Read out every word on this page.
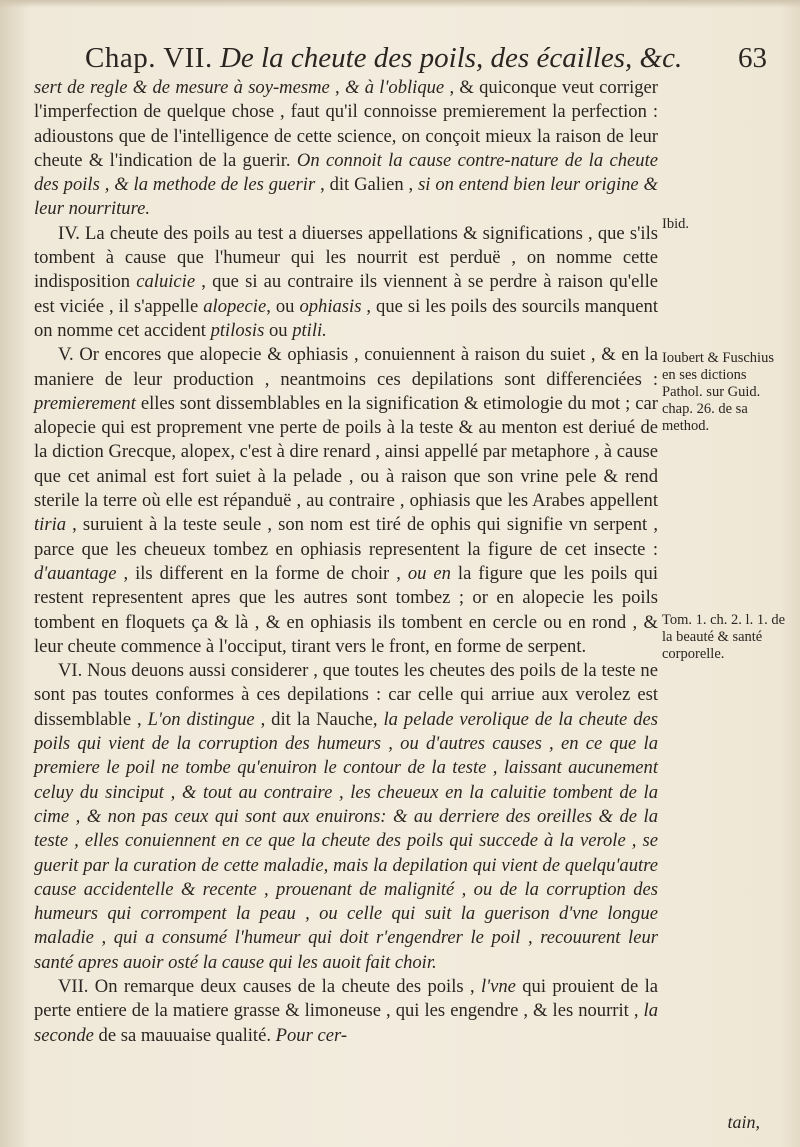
Chap. VII. De la cheute des poils, des écailles, &c. 63

sert de regle & de mesure à soy-mesme , & à l'oblique , & quiconque veut corriger l'imperfection de quelque chose , faut qu'il connoisse premierement la perfection : adioustons que de l'intelligence de cette science, on conçoit mieux la raison de leur cheute & l'indication de la guerir. On connoit la cause contre-nature de la cheute des poils , & la methode de les guerir , dit Galien , si on entend bien leur origine & leur nourriture.

IV. La cheute des poils au test a diuerses appellations & significations , que s'ils tombent à cause que l'humeur qui les nourrit est perduë , on nomme cette indisposition caluicie , que si au contraire ils viennent à se perdre à raison qu'elle est viciée , il s'appelle alopecie, ou ophiasis , que si les poils des sourcils manquent on nomme cet accident ptilosis ou ptili.

V. Or encores que alopecie & ophiasis , conuiennent à raison du suiet , & en la maniere de leur production , neantmoins ces depilations sont differenciées : premierement elles sont dissemblables en la signification & etimologie du mot ; car alopecie qui est proprement vne perte de poils à la teste & au menton est deriué de la diction Grecque, alopex, c'est à dire renard , ainsi appellé par metaphore , à cause que cet animal est fort suiet à la pelade , ou à raison que son vrine pele & rend sterile la terre où elle est répanduë , au contraire , ophiasis que les Arabes appellent tiria , suruient à la teste seule , son nom est tiré de ophis qui signifie vn serpent , parce que les cheueux tombez en ophiasis representent la figure de cet insecte : d'auantage , ils different en la forme de choir , ou en la figure que les poils qui restent representent apres que les autres sont tombez ; or en alopecie les poils tombent en floquets ça & là , & en ophiasis ils tombent en cercle ou en rond , & leur cheute commence à l'occiput, tirant vers le front, en forme de serpent.

VI. Nous deuons aussi considerer , que toutes les cheutes des poils de la teste ne sont pas toutes conformes à ces depilations : car celle qui arriue aux verolez est dissemblable , L'on distingue , dit la Nauche, la pelade verolique de la cheute des poils qui vient de la corruption des humeurs , ou d'autres causes , en ce que la premiere le poil ne tombe qu'enuiron le contour de la teste , laissant aucunement celuy du sinciput , & tout au contraire , les cheueux en la caluitie tombent de la cime , & non pas ceux qui sont aux enuirons: & au derriere des oreilles & de la teste , elles conuiennent en ce que la cheute des poils qui succede à la verole , se guerit par la curation de cette maladie, mais la depilation qui vient de quelqu'autre cause accidentelle & recente , prouenant de malignité , ou de la corruption des humeurs qui corrompent la peau , ou celle qui suit la guerison d'vne longue maladie , qui a consumé l'humeur qui doit r'engendrer le poil , recouurent leur santé apres auoir osté la cause qui les auoit fait choir.

VII. On remarque deux causes de la cheute des poils , l'vne qui prouient de la perte entiere de la matiere grasse & limoneuse , qui les engendre , & les nourrit , la seconde de sa mauuaise qualité. Pour cer-

Ibid.
Ioubert & Fuschius en ses dictions Pathol. sur Guid. chap. 26. de sa method.
Tom. 1. ch. 2. l. 1. de la beauté & santé corporelle.
tain,
